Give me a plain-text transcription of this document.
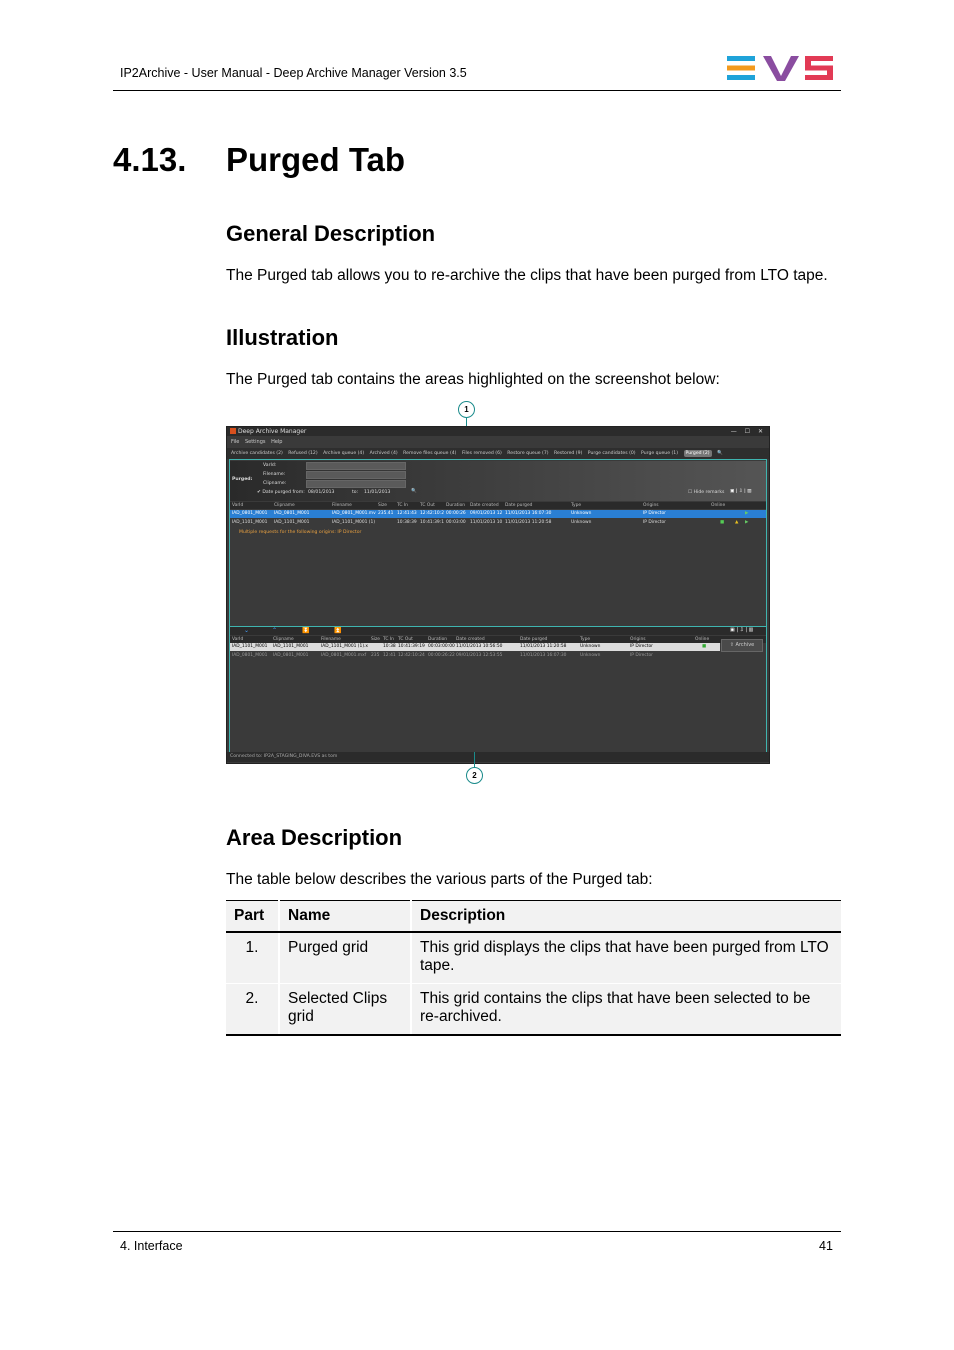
IP2Archive - User Manual - Deep Archive Manager Version 3.5
4.13. Purged Tab
General Description

The Purged tab allows you to re-archive the clips that have been purged from LTO tape.

Illustration

The Purged tab contains the areas highlighted on the screenshot below:

1
Deep Archive Manager	— ☐ ✕
File Settings Help
Archive candidates (2) Refused (12) Archive queue (4) Archived (4) Remove files queue (4) Files removed (6) Restore queue (7) Restored (9) Purge candidates (0) Purge queue (1) Purged (2) 🔍
Purged:
VarId:
Filename:
Clipname:
✔ Date purged from: 08/01/2013	to: 11/01/2013	🔍	☐ Hide remarks ▣ | ⇩ | ▥
VarId	Clipname	Filename	Size TC In	TC Out	Duration Date created Date purged	Type	Origins	Online
IAD_0801_M001 IAD_0801_M001	IAD_0801_M001.mv 235.41 12:41:43 12:42:10:2 00:00:26 09/01/2013 12 11/01/2013 16:07:30	Unknown	IP Director	▶
IAD_1101_M001 IAD_1101_M001	IAD_1101_M001 (1)	10:38:39 10:41:39:1 00:03:00 11/01/2013 10 11/01/2013 11:20:58	Unknown	IP Director	■ ▲ ▶
Multiple requests for the following origins: IP Director
⌄	⌃	⏬	⏫	▣ | ⇩ | ▥
VarId	Clipname	Filename	Size TC In TC Out	Duration Date created	Date purged	Type	Origins	Online
IAD_1101_M001 IAD_1101_M001	IAD_1101_M001 (1).x	10:38 10:41:39:19 00:03:00:00 11/01/2013 10:56:50	11/01/2013 11:20:58	Unknown	IP Director	■
IAD_0801_M001 IAD_0801_M001	IAD_0801_M001.mxf 235 12:41 12:42:10:24 00:00:26:22 09/01/2013 12:53:55	11/01/2013 16:07:30	Unknown	IP Director
⇪ Archive
Connected to: IP2A_STAGING_DIVA.EVS as tom
2
Area Description

The table below describes the various parts of the Purged tab:

Part	Name	Description
1.	Purged grid	This grid displays the clips that have been purged from LTO tape.
2.	Selected Clips grid	This grid contains the clips that have been selected to be re-archived.
4. Interface	41
